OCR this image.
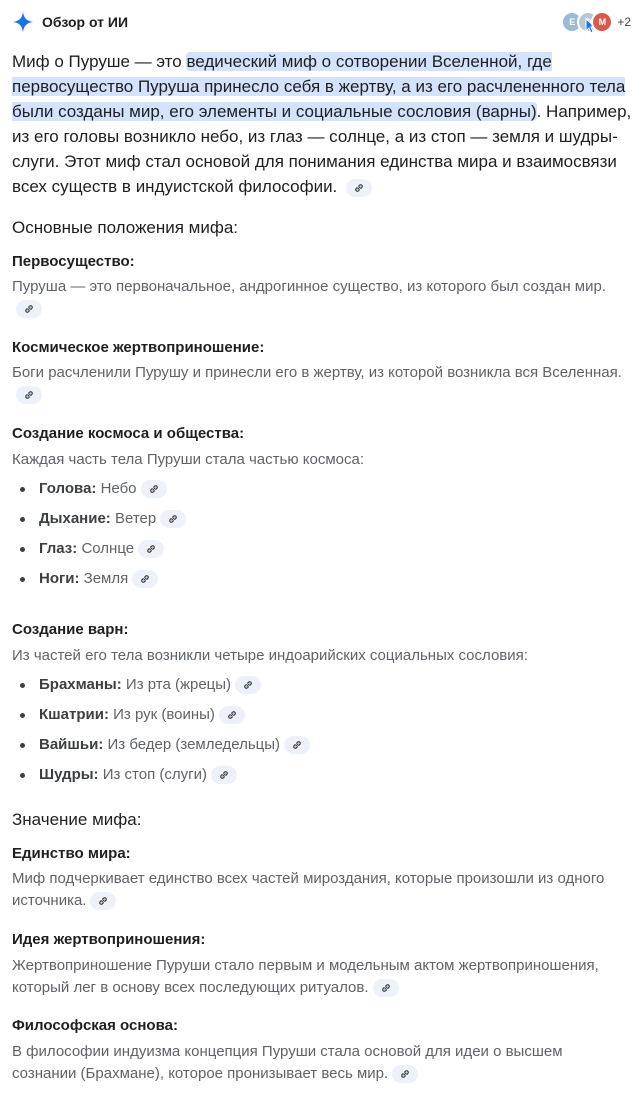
Обзор от ИИ	E	M +2
Миф о Пуруше — это ведический миф о сотворении Вселенной, где первосущество Пуруша принесло себя в жертву, а из его расчлененного тела были созданы мир, его элементы и социальные сословия (варны). Например, из его головы возникло небо, из глаз — солнце, а из стоп — земля и шудры-слуги. Этот миф стал основой для понимания единства мира и взаимосвязи всех существ в индуистской философии.
Основные положения мифа:
Первосущество:
Пуруша — это первоначальное, андрогинное существо, из которого был создан мир.
Космическое жертвоприношение:
Боги расчленили Пурушу и принесли его в жертву, из которой возникла вся Вселенная.
Создание космоса и общества:
Каждая часть тела Пуруши стала частью космоса:
Голова: Небо
Дыхание: Ветер
Глаз: Солнце
Ноги: Земля
Создание варн:
Из частей его тела возникли четыре индоарийских социальных сословия:
Брахманы: Из рта (жрецы)
Кшатрии: Из рук (воины)
Вайшьи: Из бедер (земледельцы)
Шудры: Из стоп (слуги)
Значение мифа:
Единство мира:
Миф подчеркивает единство всех частей мироздания, которые произошли из одного источника.
Идея жертвоприношения:
Жертвоприношение Пуруши стало первым и модельным актом жертвоприношения, который лег в основу всех последующих ритуалов.
Философская основа:
В философии индуизма концепция Пуруши стала основой для идеи о высшем сознании (Брахмане), которое пронизывает весь мир.
